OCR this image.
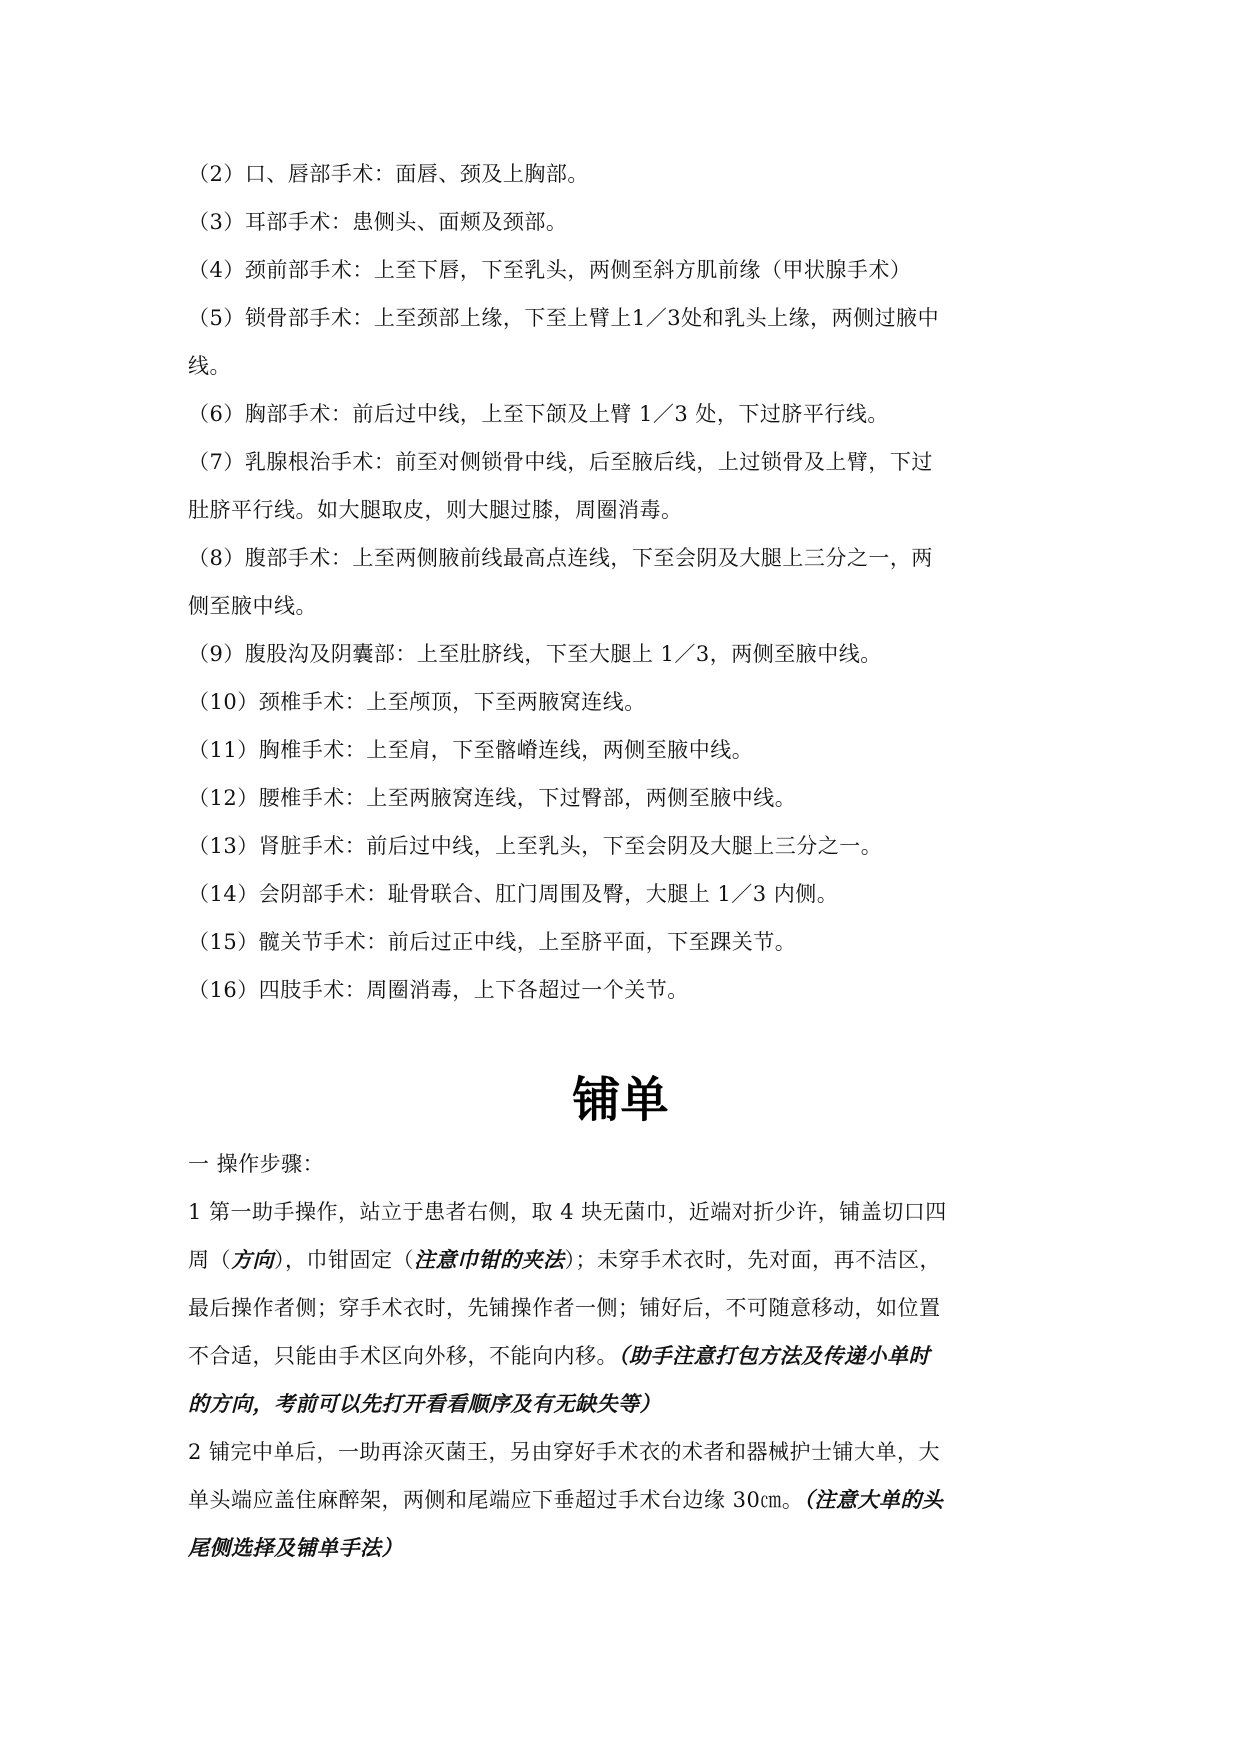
（2）口、唇部手术：面唇、颈及上胸部。
（3）耳部手术：患侧头、面颊及颈部。
（4）颈前部手术：上至下唇，下至乳头，两侧至斜方肌前缘（甲状腺手术）
（5）锁骨部手术：上至颈部上缘，下至上臂上1／3处和乳头上缘，两侧过腋中
线。
（6）胸部手术：前后过中线，上至下颌及上臂 1／3 处，下过脐平行线。
（7）乳腺根治手术：前至对侧锁骨中线，后至腋后线，上过锁骨及上臂，下过
肚脐平行线。如大腿取皮，则大腿过膝，周圈消毒。
（8）腹部手术：上至两侧腋前线最高点连线，下至会阴及大腿上三分之一，两
侧至腋中线。
（9）腹股沟及阴囊部：上至肚脐线，下至大腿上 1／3，两侧至腋中线。
（10）颈椎手术：上至颅顶，下至两腋窝连线。
（11）胸椎手术：上至肩，下至髂嵴连线，两侧至腋中线。
（12）腰椎手术：上至两腋窝连线，下过臀部，两侧至腋中线。
（13）肾脏手术：前后过中线，上至乳头，下至会阴及大腿上三分之一。
（14）会阴部手术：耻骨联合、肛门周围及臀，大腿上 1／3 内侧。
（15）髋关节手术：前后过正中线，上至脐平面，下至踝关节。
（16）四肢手术：周圈消毒，上下各超过一个关节。
铺单
一 操作步骤：
1 第一助手操作，站立于患者右侧，取 4 块无菌巾，近端对折少许，铺盖切口四
周（方向），巾钳固定（注意巾钳的夹法）；未穿手术衣时，先对面，再不洁区，
最后操作者侧；穿手术衣时，先铺操作者一侧；铺好后，不可随意移动，如位置
不合适，只能由手术区向外移，不能向内移。（助手注意打包方法及传递小单时
的方向，考前可以先打开看看顺序及有无缺失等）
2 铺完中单后，一助再涂灭菌王，另由穿好手术衣的术者和器械护士铺大单，大
单头端应盖住麻醉架，两侧和尾端应下垂超过手术台边缘 30㎝。（注意大单的头
尾侧选择及铺单手法）
